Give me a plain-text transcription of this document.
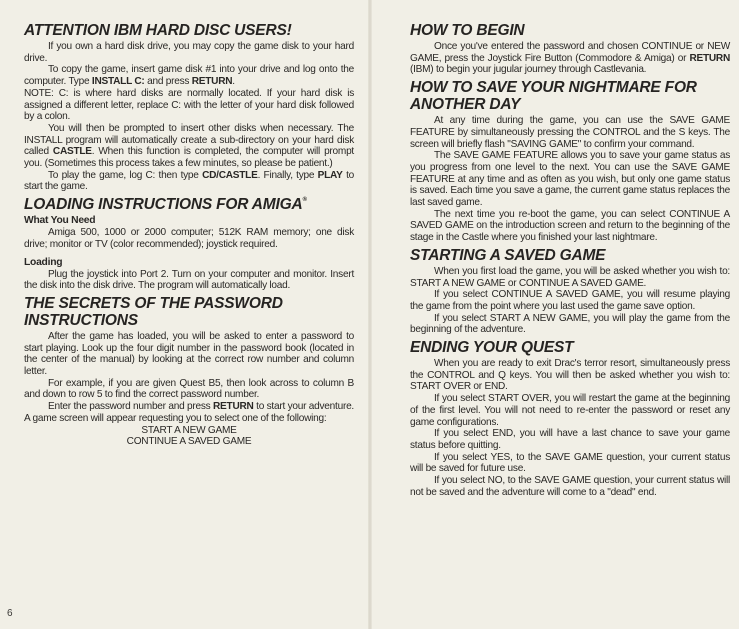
ATTENTION IBM HARD DISC USERS!

If you own a hard disk drive, you may copy the game disk to your hard drive.

To copy the game, insert game disk #1 into your drive and log onto the computer. Type INSTALL C: and press RETURN.

NOTE: C: is where hard disks are normally located. If your hard disk is assigned a different letter, replace C: with the letter of your hard disk followed by a colon.

You will then be prompted to insert other disks when necessary. The INSTALL program will automatically create a sub-directory on your hard disk called CASTLE. When this function is completed, the computer will prompt you. (Sometimes this process takes a few minutes, so please be patient.)

To play the game, log C: then type CD/CASTLE. Finally, type PLAY to start the game.

LOADING INSTRUCTIONS FOR AMIGA®
What You Need

Amiga 500, 1000 or 2000 computer; 512K RAM memory; one disk drive; monitor or TV (color recommended); joystick required.

Loading

Plug the joystick into Port 2. Turn on your computer and monitor. Insert the disk into the disk drive. The program will automatically load.

THE SECRETS OF THE PASSWORD INSTRUCTIONS

After the game has loaded, you will be asked to enter a password to start playing. Look up the four digit number in the password book (located in the center of the manual) by looking at the correct row number and column letter.

For example, if you are given Quest B5, then look across to column B and down to row 5 to find the correct password number.

Enter the password number and press RETURN to start your adventure. A game screen will appear requesting you to select one of the following:

START A NEW GAME

CONTINUE A SAVED GAME

HOW TO BEGIN

Once you've entered the password and chosen CONTINUE or NEW GAME, press the Joystick Fire Button (Commodore & Amiga) or RETURN (IBM) to begin your jugular journey through Castlevania.

HOW TO SAVE YOUR NIGHTMARE FOR ANOTHER DAY

At any time during the game, you can use the SAVE GAME FEATURE by simultaneously pressing the CONTROL and the S keys. The screen will briefly flash "SAVING GAME" to confirm your command.

The SAVE GAME FEATURE allows you to save your game status as you progress from one level to the next. You can use the SAVE GAME FEATURE at any time and as often as you wish, but only one game status is saved. Each time you save a game, the current game status replaces the last saved game.

The next time you re-boot the game, you can select CONTINUE A SAVED GAME on the introduction screen and return to the beginning of the stage in the Castle where you finished your last nightmare.

STARTING A SAVED GAME

When you first load the game, you will be asked whether you wish to: START A NEW GAME or CONTINUE A SAVED GAME.

If you select CONTINUE A SAVED GAME, you will resume playing the game from the point where you last used the game save option.

If you select START A NEW GAME, you will play the game from the beginning of the adventure.

ENDING YOUR QUEST

When you are ready to exit Drac's terror resort, simultaneously press the CONTROL and Q keys. You will then be asked whether you wish to: START OVER or END.

If you select START OVER, you will restart the game at the beginning of the first level. You will not need to re-enter the password or reset any game configurations.

If you select END, you will have a last chance to save your game status before quitting.

If you select YES, to the SAVE GAME question, your current status will be saved for future use.

If you select NO, to the SAVE GAME question, your current status will not be saved and the adventure will come to a "dead" end.

6
